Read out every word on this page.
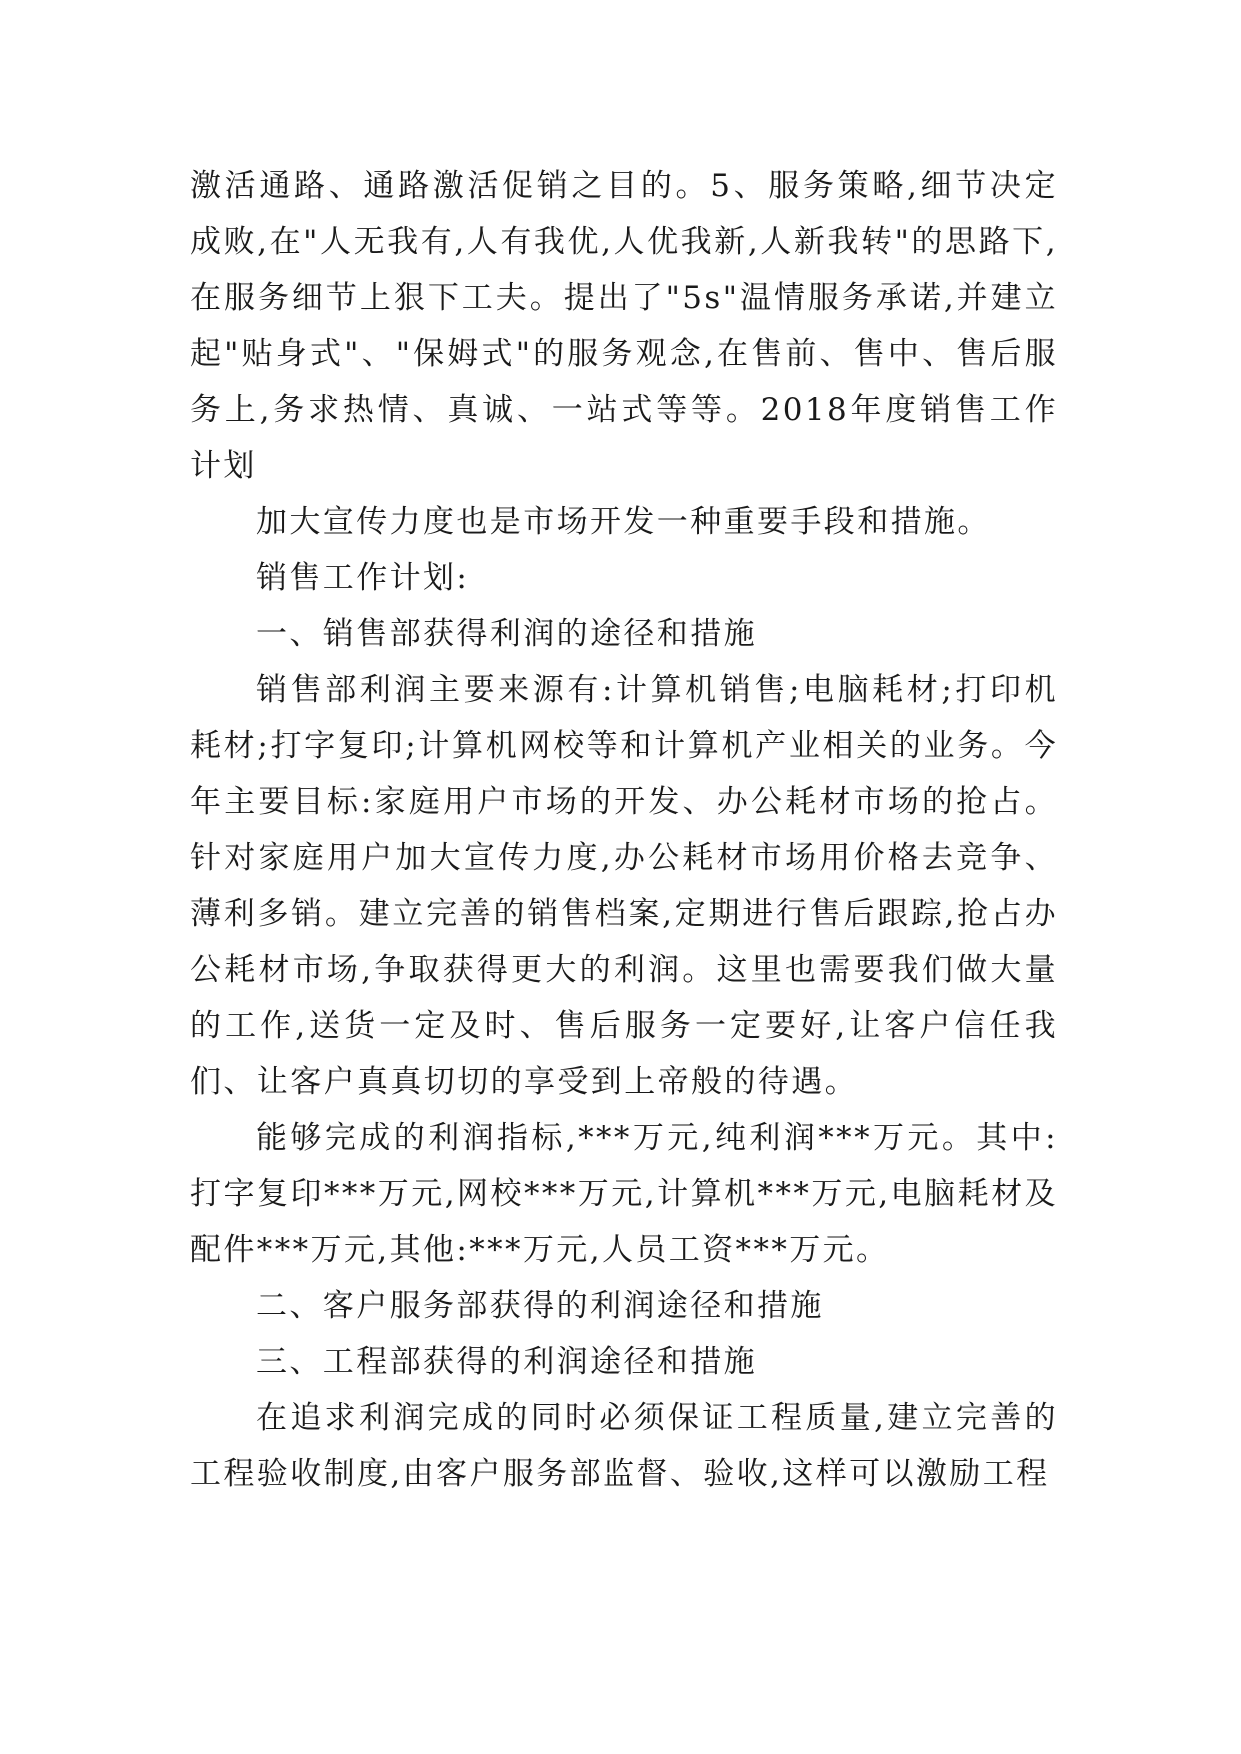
激活通路、通路激活促销之目的。5、服务策略,细节决定成败,在"人无我有,人有我优,人优我新,人新我转"的思路下,在服务细节上狠下工夫。提出了"5s"温情服务承诺,并建立起"贴身式"、"保姆式"的服务观念,在售前、售中、售后服务上,务求热情、真诚、一站式等等。2018年度销售工作计划

加大宣传力度也是市场开发一种重要手段和措施。

销售工作计划:

一、销售部获得利润的途径和措施

销售部利润主要来源有:计算机销售;电脑耗材;打印机耗材;打字复印;计算机网校等和计算机产业相关的业务。今年主要目标:家庭用户市场的开发、办公耗材市场的抢占。针对家庭用户加大宣传力度,办公耗材市场用价格去竞争、薄利多销。建立完善的销售档案,定期进行售后跟踪,抢占办公耗材市场,争取获得更大的利润。这里也需要我们做大量的工作,送货一定及时、售后服务一定要好,让客户信任我们、让客户真真切切的享受到上帝般的待遇。

能够完成的利润指标,***万元,纯利润***万元。其中:打字复印***万元,网校***万元,计算机***万元,电脑耗材及配件***万元,其他:***万元,人员工资***万元。

二、客户服务部获得的利润途径和措施

三、工程部获得的利润途径和措施

在追求利润完成的同时必须保证工程质量,建立完善的工程验收制度,由客户服务部监督、验收,这样可以激励工程
